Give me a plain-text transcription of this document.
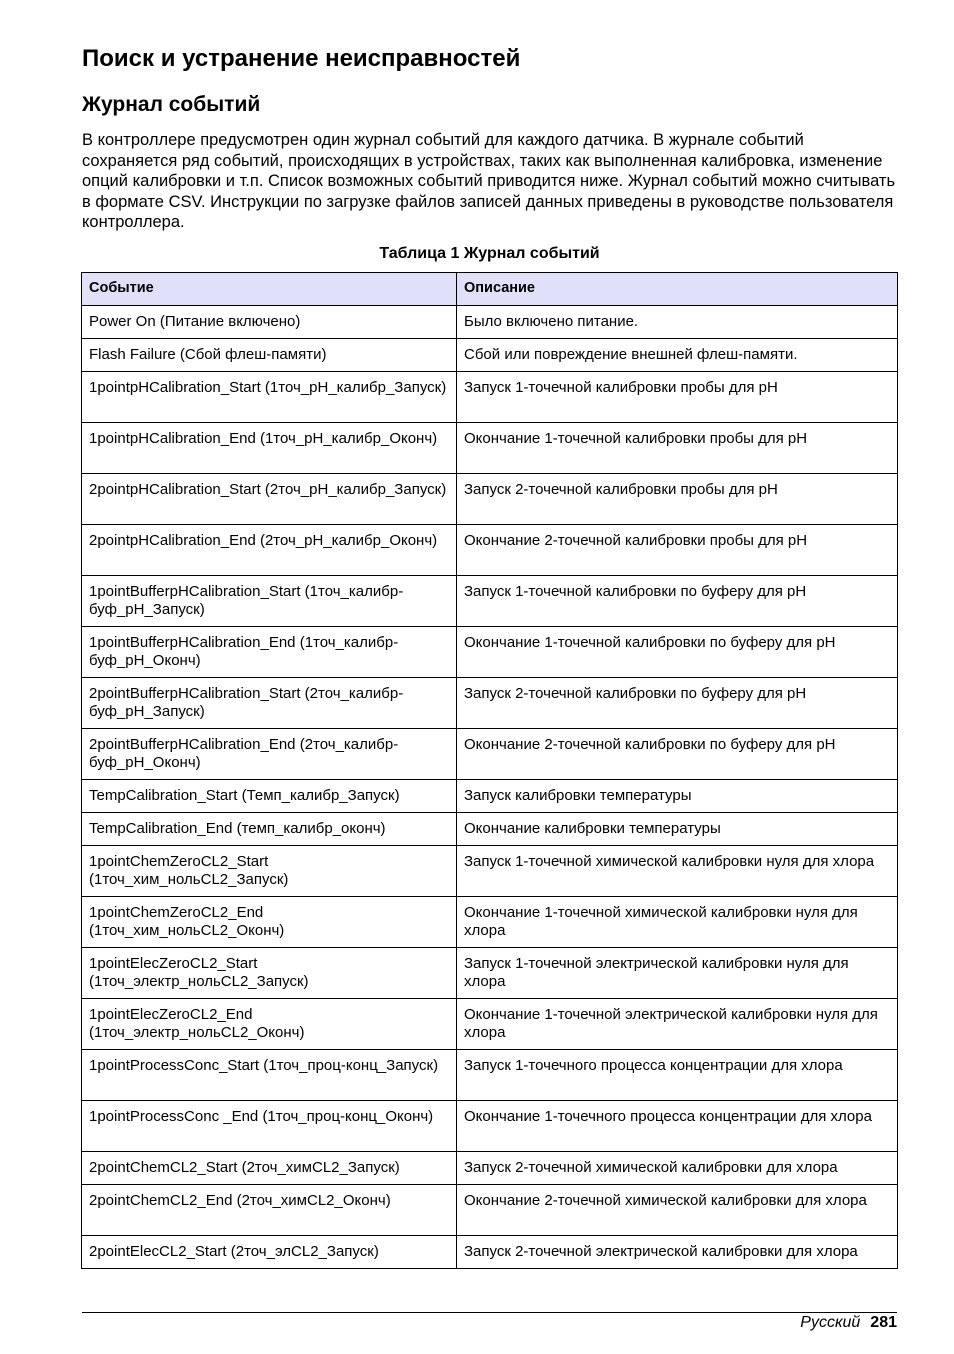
Поиск и устранение неисправностей
Журнал событий

В контроллере предусмотрен один журнал событий для каждого датчика. В журнале событий сохраняется ряд событий, происходящих в устройствах, таких как выполненная калибровка, изменение опций калибровки и т.п. Список возможных событий приводится ниже. Журнал событий можно считывать в формате CSV. Инструкции по загрузке файлов записей данных приведены в руководстве пользователя контроллера.

Таблица 1 Журнал событий

Событие	Описание
Power On (Питание включено)	Было включено питание.
Flash Failure (Сбой флеш-памяти)	Сбой или повреждение внешней флеш-памяти.
1pointpHCalibration_Start (1точ_pH_калибр_Запуск)	Запуск 1-точечной калибровки пробы для pH
1pointpHCalibration_End (1точ_pH_калибр_Оконч)	Окончание 1-точечной калибровки пробы для pH
2pointpHCalibration_Start (2точ_pH_калибр_Запуск)	Запуск 2-точечной калибровки пробы для pH
2pointpHCalibration_End (2точ_pH_калибр_Оконч)	Окончание 2-точечной калибровки пробы для pH
1pointBufferpHCalibration_Start (1точ_калибр-буф_pH_Запуск)	Запуск 1-точечной калибровки по буферу для pH
1pointBufferpHCalibration_End (1точ_калибр-буф_pH_Оконч)	Окончание 1-точечной калибровки по буферу для pH
2pointBufferpHCalibration_Start (2точ_калибр-буф_pH_Запуск)	Запуск 2-точечной калибровки по буферу для pH
2pointBufferpHCalibration_End (2точ_калибр-буф_pH_Оконч)	Окончание 2-точечной калибровки по буферу для pH
TempCalibration_Start (Темп_калибр_Запуск)	Запуск калибровки температуры
TempCalibration_End (темп_калибр_оконч)	Окончание калибровки температуры
1pointChemZeroCL2_Start (1точ_хим_нольCL2_Запуск)	Запуск 1-точечной химической калибровки нуля для хлора
1pointChemZeroCL2_End (1точ_хим_нольCL2_Оконч)	Окончание 1-точечной химической калибровки нуля для хлора
1pointElecZeroCL2_Start (1точ_электр_нольCL2_Запуск)	Запуск 1-точечной электрической калибровки нуля для хлора
1pointElecZeroCL2_End (1точ_электр_нольCL2_Оконч)	Окончание 1-точечной электрической калибровки нуля для хлора
1pointProcessConc_Start (1точ_проц-конц_Запуск)	Запуск 1-точечного процесса концентрации для хлора
1pointProcessConc _End (1точ_проц-конц_Оконч)	Окончание 1-точечного процесса концентрации для хлора
2pointChemCL2_Start (2точ_химCL2_Запуск)	Запуск 2-точечной химической калибровки для хлора
2pointChemCL2_End (2точ_химCL2_Оконч)	Окончание 2-точечной химической калибровки для хлора
2pointElecCL2_Start (2точ_элCL2_Запуск)	Запуск 2-точечной электрической калибровки для хлора
Русский 281
